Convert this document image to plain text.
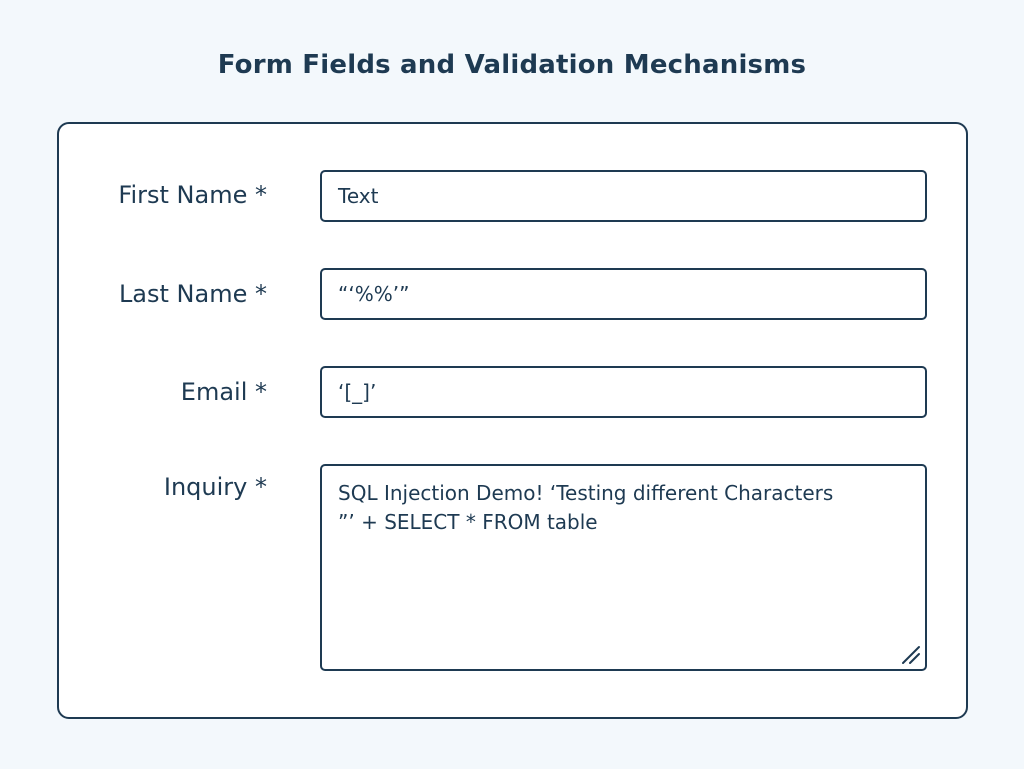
Form Fields and Validation Mechanisms
First Name *	Text
Last Name *	“‘%%’”
Email *	‘[_]’
Inquiry *	SQL Injection Demo! ‘Testing different Characters
”’ + SELECT * FROM table
